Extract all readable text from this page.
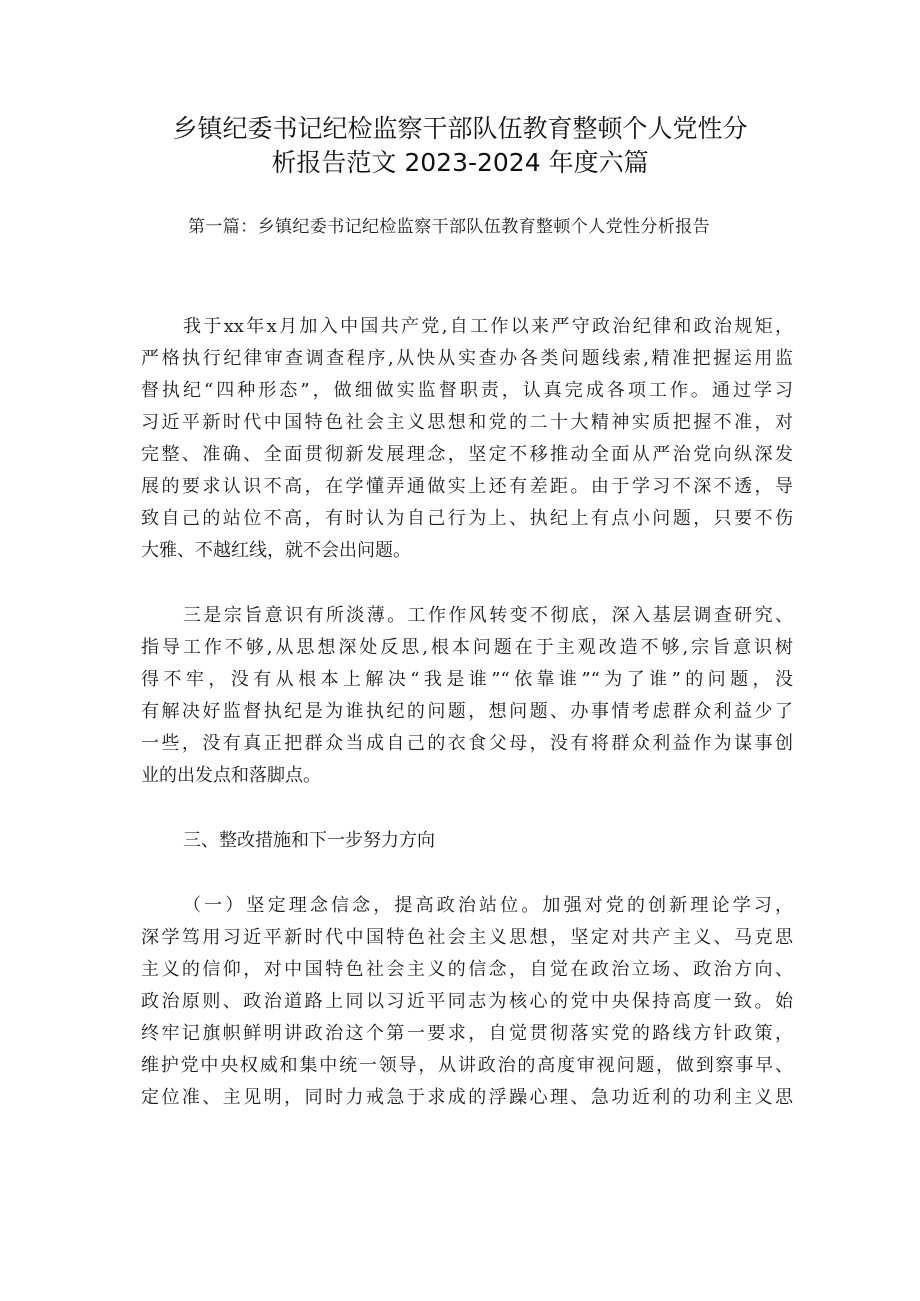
乡镇纪委书记纪检监察干部队伍教育整顿个人党性分
析报告范文 2023-2024 年度六篇
第一篇：乡镇纪委书记纪检监察干部队伍教育整顿个人党性分析报告
我于xx年x月加入中国共产党,自工作以来严守政治纪律和政治规矩，
严格执行纪律审查调查程序,从快从实查办各类问题线索,精准把握运用监
督执纪“四种形态”，做细做实监督职责，认真完成各项工作。通过学习
习近平新时代中国特色社会主义思想和党的二十大精神实质把握不准，对
完整、准确、全面贯彻新发展理念，坚定不移推动全面从严治党向纵深发
展的要求认识不高，在学懂弄通做实上还有差距。由于学习不深不透，导
致自己的站位不高，有时认为自己行为上、执纪上有点小问题，只要不伤
大雅、不越红线，就不会出问题。
三是宗旨意识有所淡薄。工作作风转变不彻底，深入基层调查研究、
指导工作不够,从思想深处反思,根本问题在于主观改造不够,宗旨意识树
得不牢，没有从根本上解决“我是谁”“依靠谁”“为了谁”的问题，没
有解决好监督执纪是为谁执纪的问题，想问题、办事情考虑群众利益少了
一些，没有真正把群众当成自己的衣食父母，没有将群众利益作为谋事创
业的出发点和落脚点。
三、整改措施和下一步努力方向
（一）坚定理念信念，提高政治站位。加强对党的创新理论学习，
深学笃用习近平新时代中国特色社会主义思想，坚定对共产主义、马克思
主义的信仰，对中国特色社会主义的信念，自觉在政治立场、政治方向、
政治原则、政治道路上同以习近平同志为核心的党中央保持高度一致。始
终牢记旗帜鲜明讲政治这个第一要求，自觉贯彻落实党的路线方针政策，
维护党中央权威和集中统一领导，从讲政治的高度审视问题，做到察事早、
定位准、主见明，同时力戒急于求成的浮躁心理、急功近利的功利主义思
